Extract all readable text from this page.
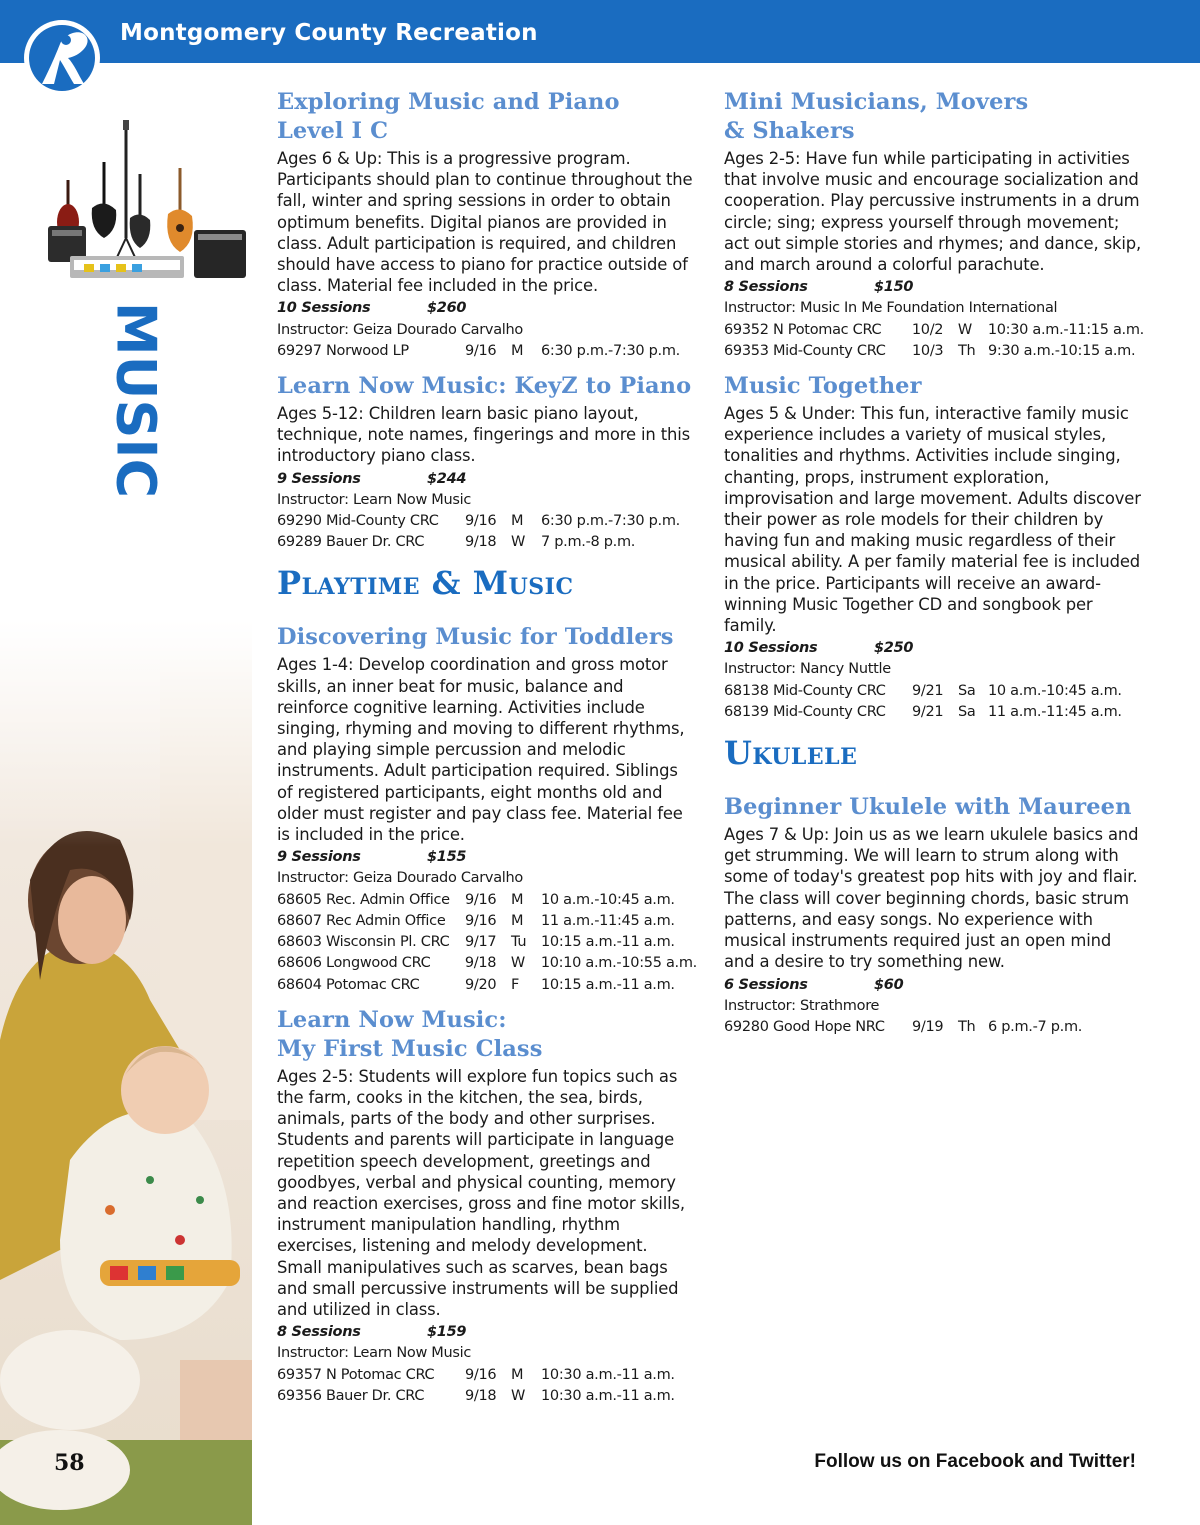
Montgomery County Recreation
MUSIC
Exploring Music and Piano
Level I C
Ages 6 & Up: This is a progressive program. Participants should plan to continue throughout the fall, winter and spring sessions in order to obtain optimum benefits. Digital pianos are provided in class. Adult participation is required, and children should have access to piano for practice outside of class. Material fee included in the price.
10 Sessions	$260
Instructor: Geiza Dourado Carvalho
69297 Norwood LP	9/16	M	6:30 p.m.-7:30 p.m.
Learn Now Music: KeyZ to Piano
Ages 5-12: Children learn basic piano layout, technique, note names, fingerings and more in this introductory piano class.
9 Sessions	$244
Instructor: Learn Now Music
69290 Mid-County CRC	9/16	M	6:30 p.m.-7:30 p.m.
69289 Bauer Dr. CRC	9/18	W	7 p.m.-8 p.m.
Playtime & Music
Discovering Music for Toddlers
Ages 1-4: Develop coordination and gross motor skills, an inner beat for music, balance and reinforce cognitive learning. Activities include singing, rhyming and moving to different rhythms, and playing simple percussion and melodic instruments. Adult participation required. Siblings of registered participants, eight months old and older must register and pay class fee. Material fee is included in the price.
9 Sessions	$155
Instructor: Geiza Dourado Carvalho
68605 Rec. Admin Office	9/16	M	10 a.m.-10:45 a.m.
68607 Rec Admin Office	9/16	M	11 a.m.-11:45 a.m.
68603 Wisconsin Pl. CRC	9/17	Tu	10:15 a.m.-11 a.m.
68606 Longwood CRC	9/18	W	10:10 a.m.-10:55 a.m.
68604 Potomac CRC	9/20	F	10:15 a.m.-11 a.m.
Learn Now Music:
My First Music Class
Ages 2-5: Students will explore fun topics such as the farm, cooks in the kitchen, the sea, birds, animals, parts of the body and other surprises. Students and parents will participate in language repetition speech development, greetings and goodbyes, verbal and physical counting, memory and reaction exercises, gross and fine motor skills, instrument manipulation handling, rhythm exercises, listening and melody development. Small manipulatives such as scarves, bean bags and small percussive instruments will be supplied and utilized in class.
8 Sessions	$159
Instructor: Learn Now Music
69357 N Potomac CRC	9/16	M	10:30 a.m.-11 a.m.
69356 Bauer Dr. CRC	9/18	W	10:30 a.m.-11 a.m.
Mini Musicians, Movers
& Shakers
Ages 2-5: Have fun while participating in activities that involve music and encourage socialization and cooperation. Play percussive instruments in a drum circle; sing; express yourself through movement; act out simple stories and rhymes; and dance, skip, and march around a colorful parachute.
8 Sessions	$150
Instructor: Music In Me Foundation International
69352 N Potomac CRC	10/2	W	10:30 a.m.-11:15 a.m.
69353 Mid-County CRC	10/3	Th 9:30 a.m.-10:15 a.m.
Music Together
Ages 5 & Under: This fun, interactive family music experience includes a variety of musical styles, tonalities and rhythms. Activities include singing, chanting, props, instrument exploration, improvisation and large movement. Adults discover their power as role models for their children by having fun and making music regardless of their musical ability. A per family material fee is included in the price. Participants will receive an award-winning Music Together CD and songbook per family.
10 Sessions	$250
Instructor: Nancy Nuttle
68138 Mid-County CRC	9/21	Sa 10 a.m.-10:45 a.m.
68139 Mid-County CRC	9/21	Sa 11 a.m.-11:45 a.m.
Ukulele
Beginner Ukulele with Maureen
Ages 7 & Up: Join us as we learn ukulele basics and get strumming. We will learn to strum along with some of today's greatest pop hits with joy and flair. The class will cover beginning chords, basic strum patterns, and easy songs. No experience with musical instruments required just an open mind and a desire to try something new.
6 Sessions	$60
Instructor: Strathmore
69280 Good Hope NRC	9/19	Th 6 p.m.-7 p.m.
58	Follow us on Facebook and Twitter!
